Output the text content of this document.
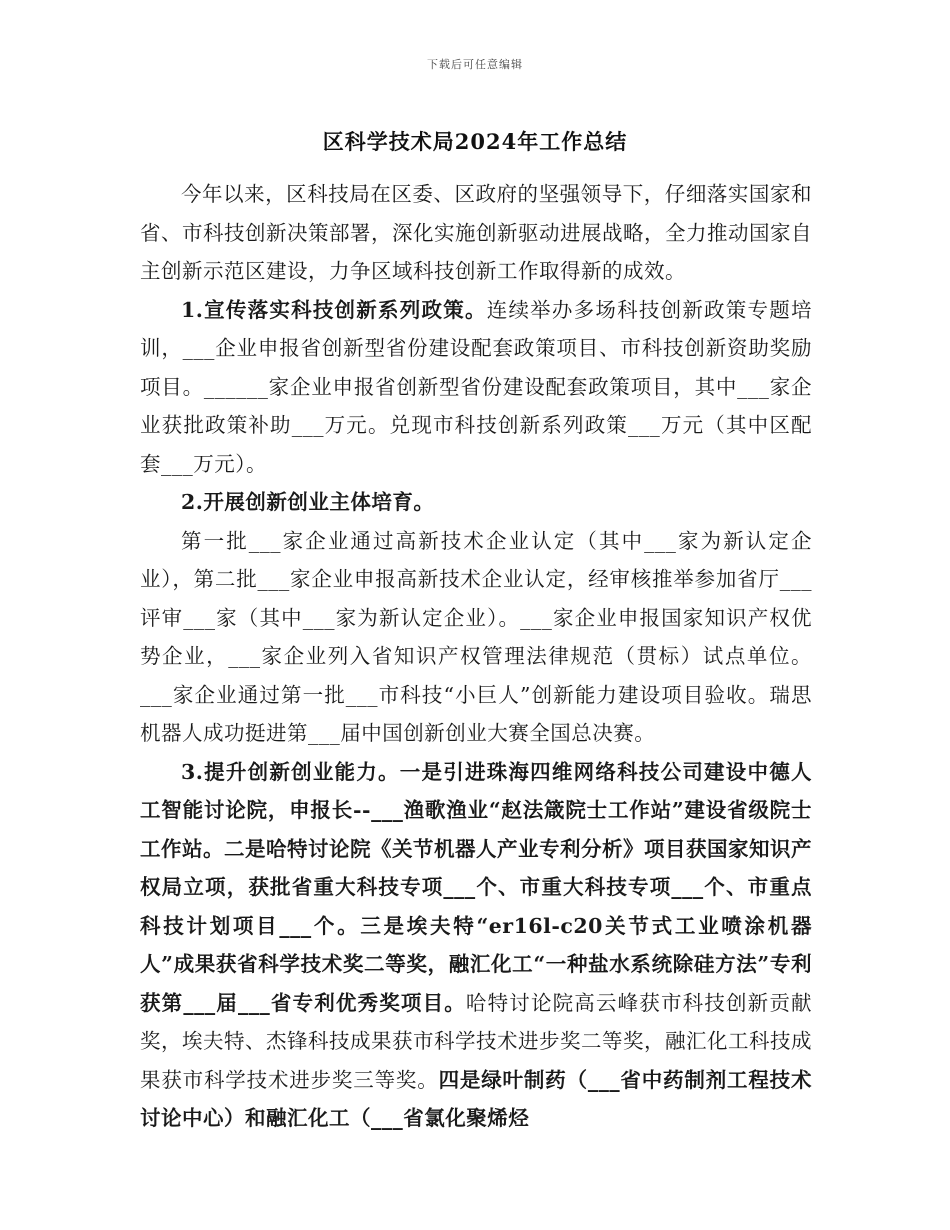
下载后可任意编辑
区科学技术局2024年工作总结

今年以来，区科技局在区委、区政府的坚强领导下，仔细落实国家和省、市科技创新决策部署，深化实施创新驱动进展战略，全力推动国家自主创新示范区建设，力争区域科技创新工作取得新的成效。

1.宣传落实科技创新系列政策。连续举办多场科技创新政策专题培训，___企业申报省创新型省份建设配套政策项目、市科技创新资助奖励项目。______家企业申报省创新型省份建设配套政策项目，其中___家企业获批政策补助___万元。兑现市科技创新系列政策___万元（其中区配套___万元）。

2.开展创新创业主体培育。

第一批___家企业通过高新技术企业认定（其中___家为新认定企业），第二批___家企业申报高新技术企业认定，经审核推举参加省厅___评审___家（其中___家为新认定企业）。___家企业申报国家知识产权优势企业，___家企业列入省知识产权管理法律规范（贯标）试点单位。___家企业通过第一批___市科技“小巨人”创新能力建设项目验收。瑞思机器人成功挺进第___届中国创新创业大赛全国总决赛。

3.提升创新创业能力。一是引进珠海四维网络科技公司建设中德人工智能讨论院，申报长--___渔歌渔业“赵法箴院士工作站”建设省级院士工作站。二是哈特讨论院《关节机器人产业专利分析》项目获国家知识产权局立项，获批省重大科技专项___个、市重大科技专项___个、市重点科技计划项目___个。三是埃夫特“er16l-c20关节式工业喷涂机器人”成果获省科学技术奖二等奖，融汇化工“一种盐水系统除硅方法”专利获第___届___省专利优秀奖项目。哈特讨论院高云峰获市科技创新贡献奖，埃夫特、杰锋科技成果获市科学技术进步奖二等奖，融汇化工科技成果获市科学技术进步奖三等奖。四是绿叶制药（___省中药制剂工程技术讨论中心）和融汇化工（___省氯化聚烯烃
